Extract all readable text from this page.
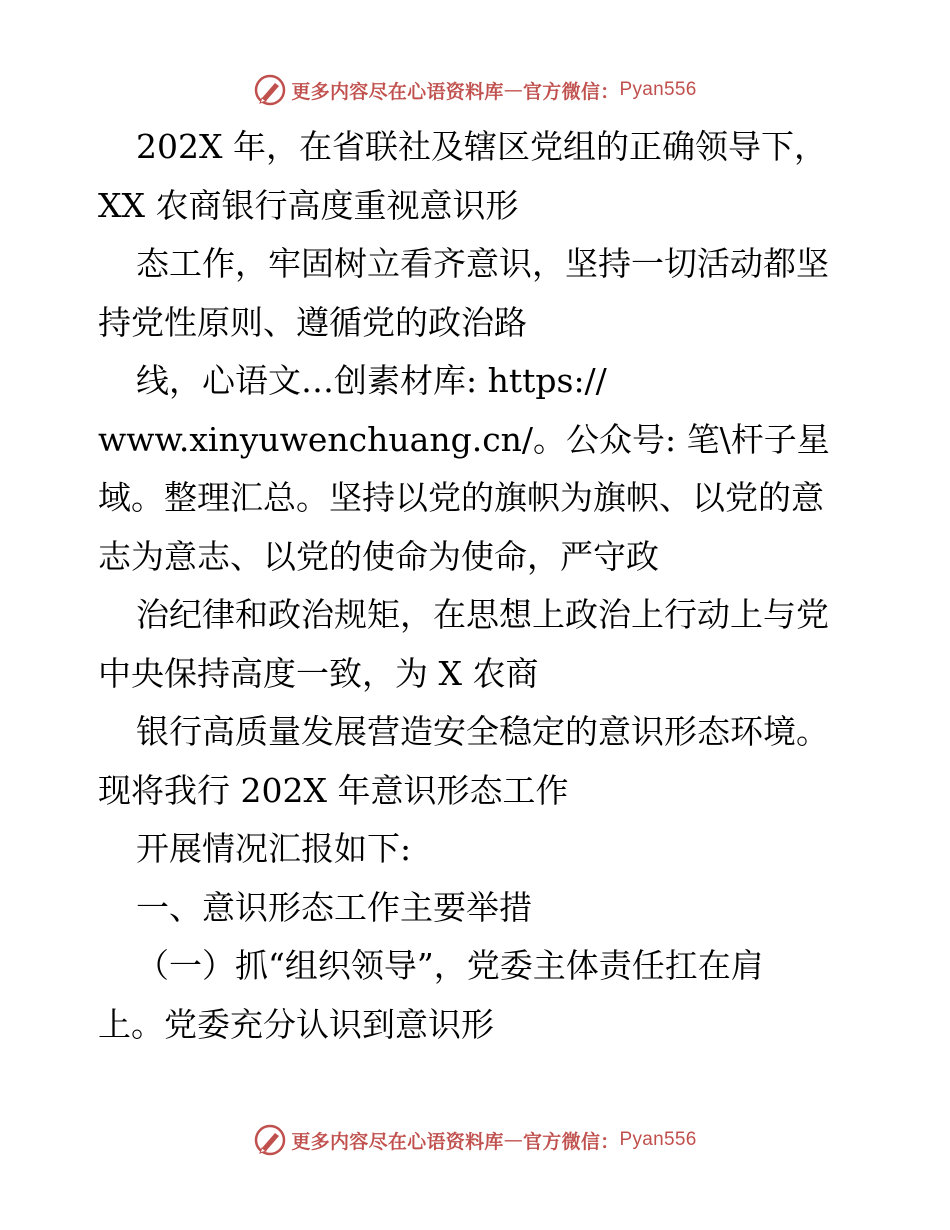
更多内容尽在心语资料库 — 官方微信： Pyan556
202X 年，在省联社及辖区党组的正确领导下，
XX 农商银行高度重视意识形
态工作，牢固树立看齐意识，坚持一切活动都坚
持党性原则、遵循党的政治路
线，心语文…创素材库: https://
www.xinyuwenchuang.cn/。公众号: 笔\杆子星
域。整理汇总。坚持以党的旗帜为旗帜、以党的意
志为意志、以党的使命为使命，严守政
治纪律和政治规矩，在思想上政治上行动上与党
中央保持高度一致，为 X 农商
银行高质量发展营造安全稳定的意识形态环境。
现将我行 202X 年意识形态工作
开展情况汇报如下:
一、意识形态工作主要举措
（一）抓“组织领导”，党委主体责任扛在肩
上。党委充分认识到意识形
更多内容尽在心语资料库 — 官方微信： Pyan556
